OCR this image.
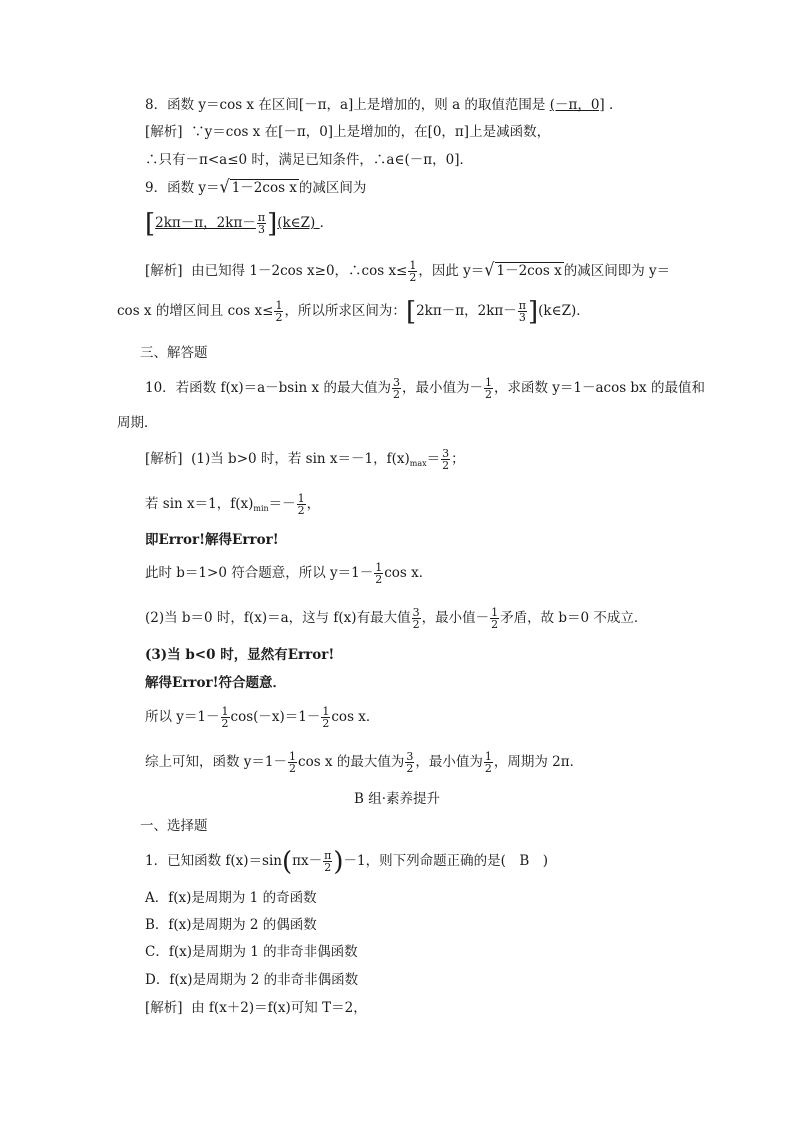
8．函数 y＝cos x 在区间[－π，a]上是增加的，则 a 的取值范围是 (－π，0] ．
[解析] ∵y＝cos x 在[－π，0]上是增加的，在[0，π]上是减函数，
∴只有－π<a≤0 时，满足已知条件，∴a∈(－π，0]．
9．函数 y＝√ 1－2cos x 的减区间为
[2kπ－π，$2k\pi- \frac{\pi}{3}$ ](k∈Z) ．
[解析] 由已知得 1－2cos x≥0，∴cos $x\le \frac{1}{2}$ ，因此 y＝√ 1－2cos x 的减区间即为 y＝
cos x 的增区间且 $\cos x\le \frac{1}{2}$ ，所以所求区间为：[2kπ－π，$2k\pi- \frac{\pi}{3}$ ](k∈Z)．
三、解答题
10．若函数 f(x)＝a－bsin x 的最大值为 $\frac{3}{2}$ ，最小值为－ $\frac{1}{2}$ ，求函数 y＝1－acos bx 的最值和
周期．
[解析] (1)当 b>0 时，若 sin x＝－1，$f(x)_{max}= \frac{3}{2}$ ；
若 sin x＝1，$f(x)_{min}=- \frac{1}{2}$ ，
即Error!解得Error!
此时 b＝1>0 符合题意，所以 $y=1- \frac{1}{2}$ cos x．
(2)当 b＝0 时，f(x)＝a，这与 f(x)有最大值 $\frac{3}{2}$ ，最小值－ $\frac{1}{2}$ 矛盾，故 b＝0 不成立．
(3)当 b<0 时，显然有Error!
解得Error!符合题意．
所以 $y=1- \frac{1}{2} \cos(-x)=1- \frac{1}{2}$ cos x．
综上可知，函数 $y=1- \frac{1}{2}$ cos x 的最大值为 $\frac{3}{2}$ ，最小值为 $\frac{1}{2}$ ，周期为 2π．
B 组·素养提升
一、选择题
1．已知函数 $f(x)=\sin(\pi x- \frac{\pi}{2} )-1$，则下列命题正确的是(　B　)
A．f(x)是周期为 1 的奇函数
B．f(x)是周期为 2 的偶函数
C．f(x)是周期为 1 的非奇非偶函数
D．f(x)是周期为 2 的非奇非偶函数
[解析] 由 f(x＋2)＝f(x)可知 T＝2，
